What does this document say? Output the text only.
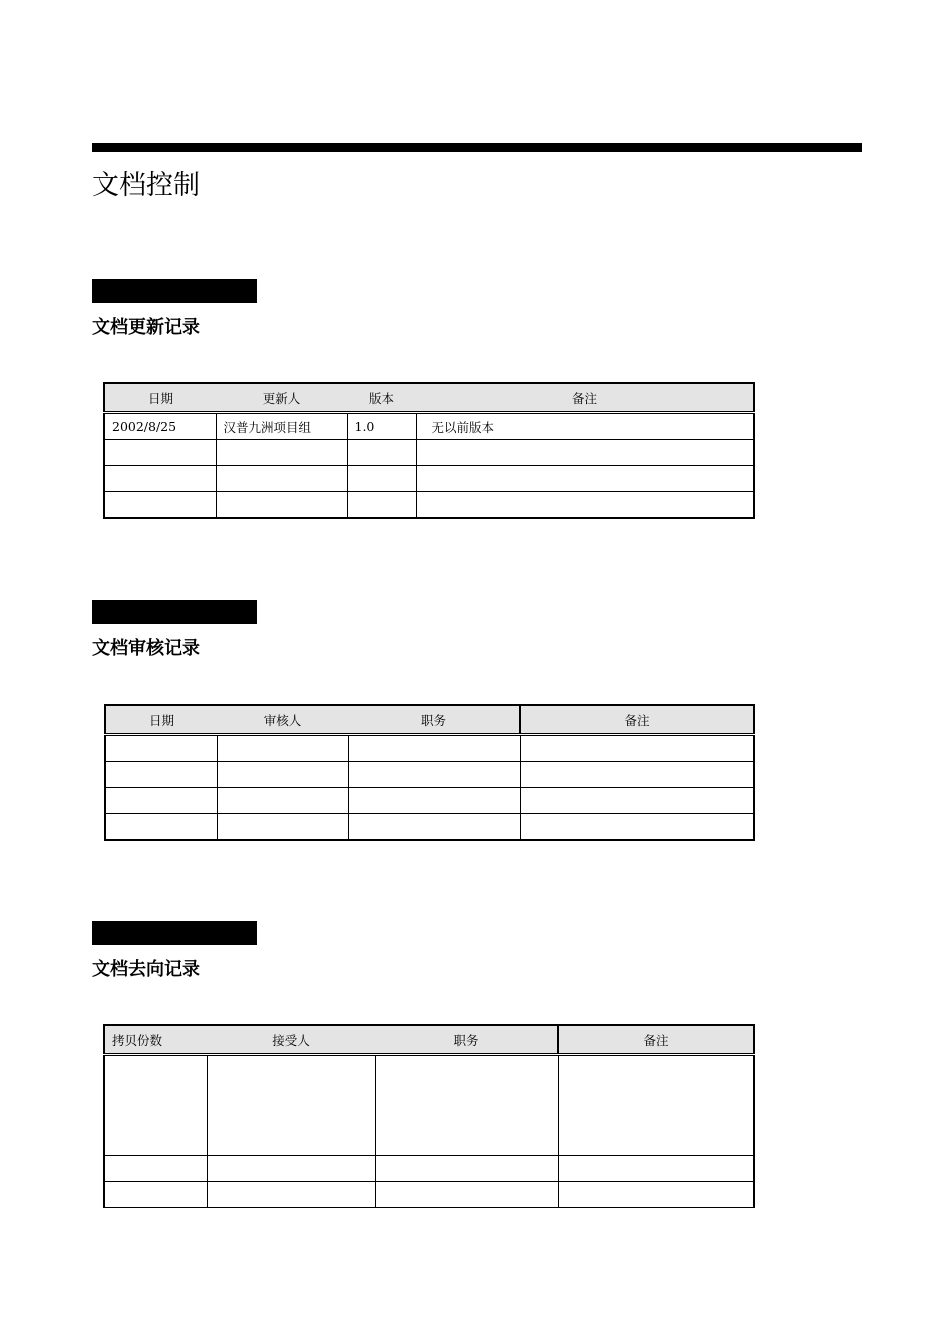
文档控制
文档更新记录
日期	更新人	版本	备注
2002/8/25	汉普九洲项目组	1.0	无以前版本

文档审核记录
日期	审核人	职务	备注

文档去向记录
拷贝份数	接受人	职务	备注
